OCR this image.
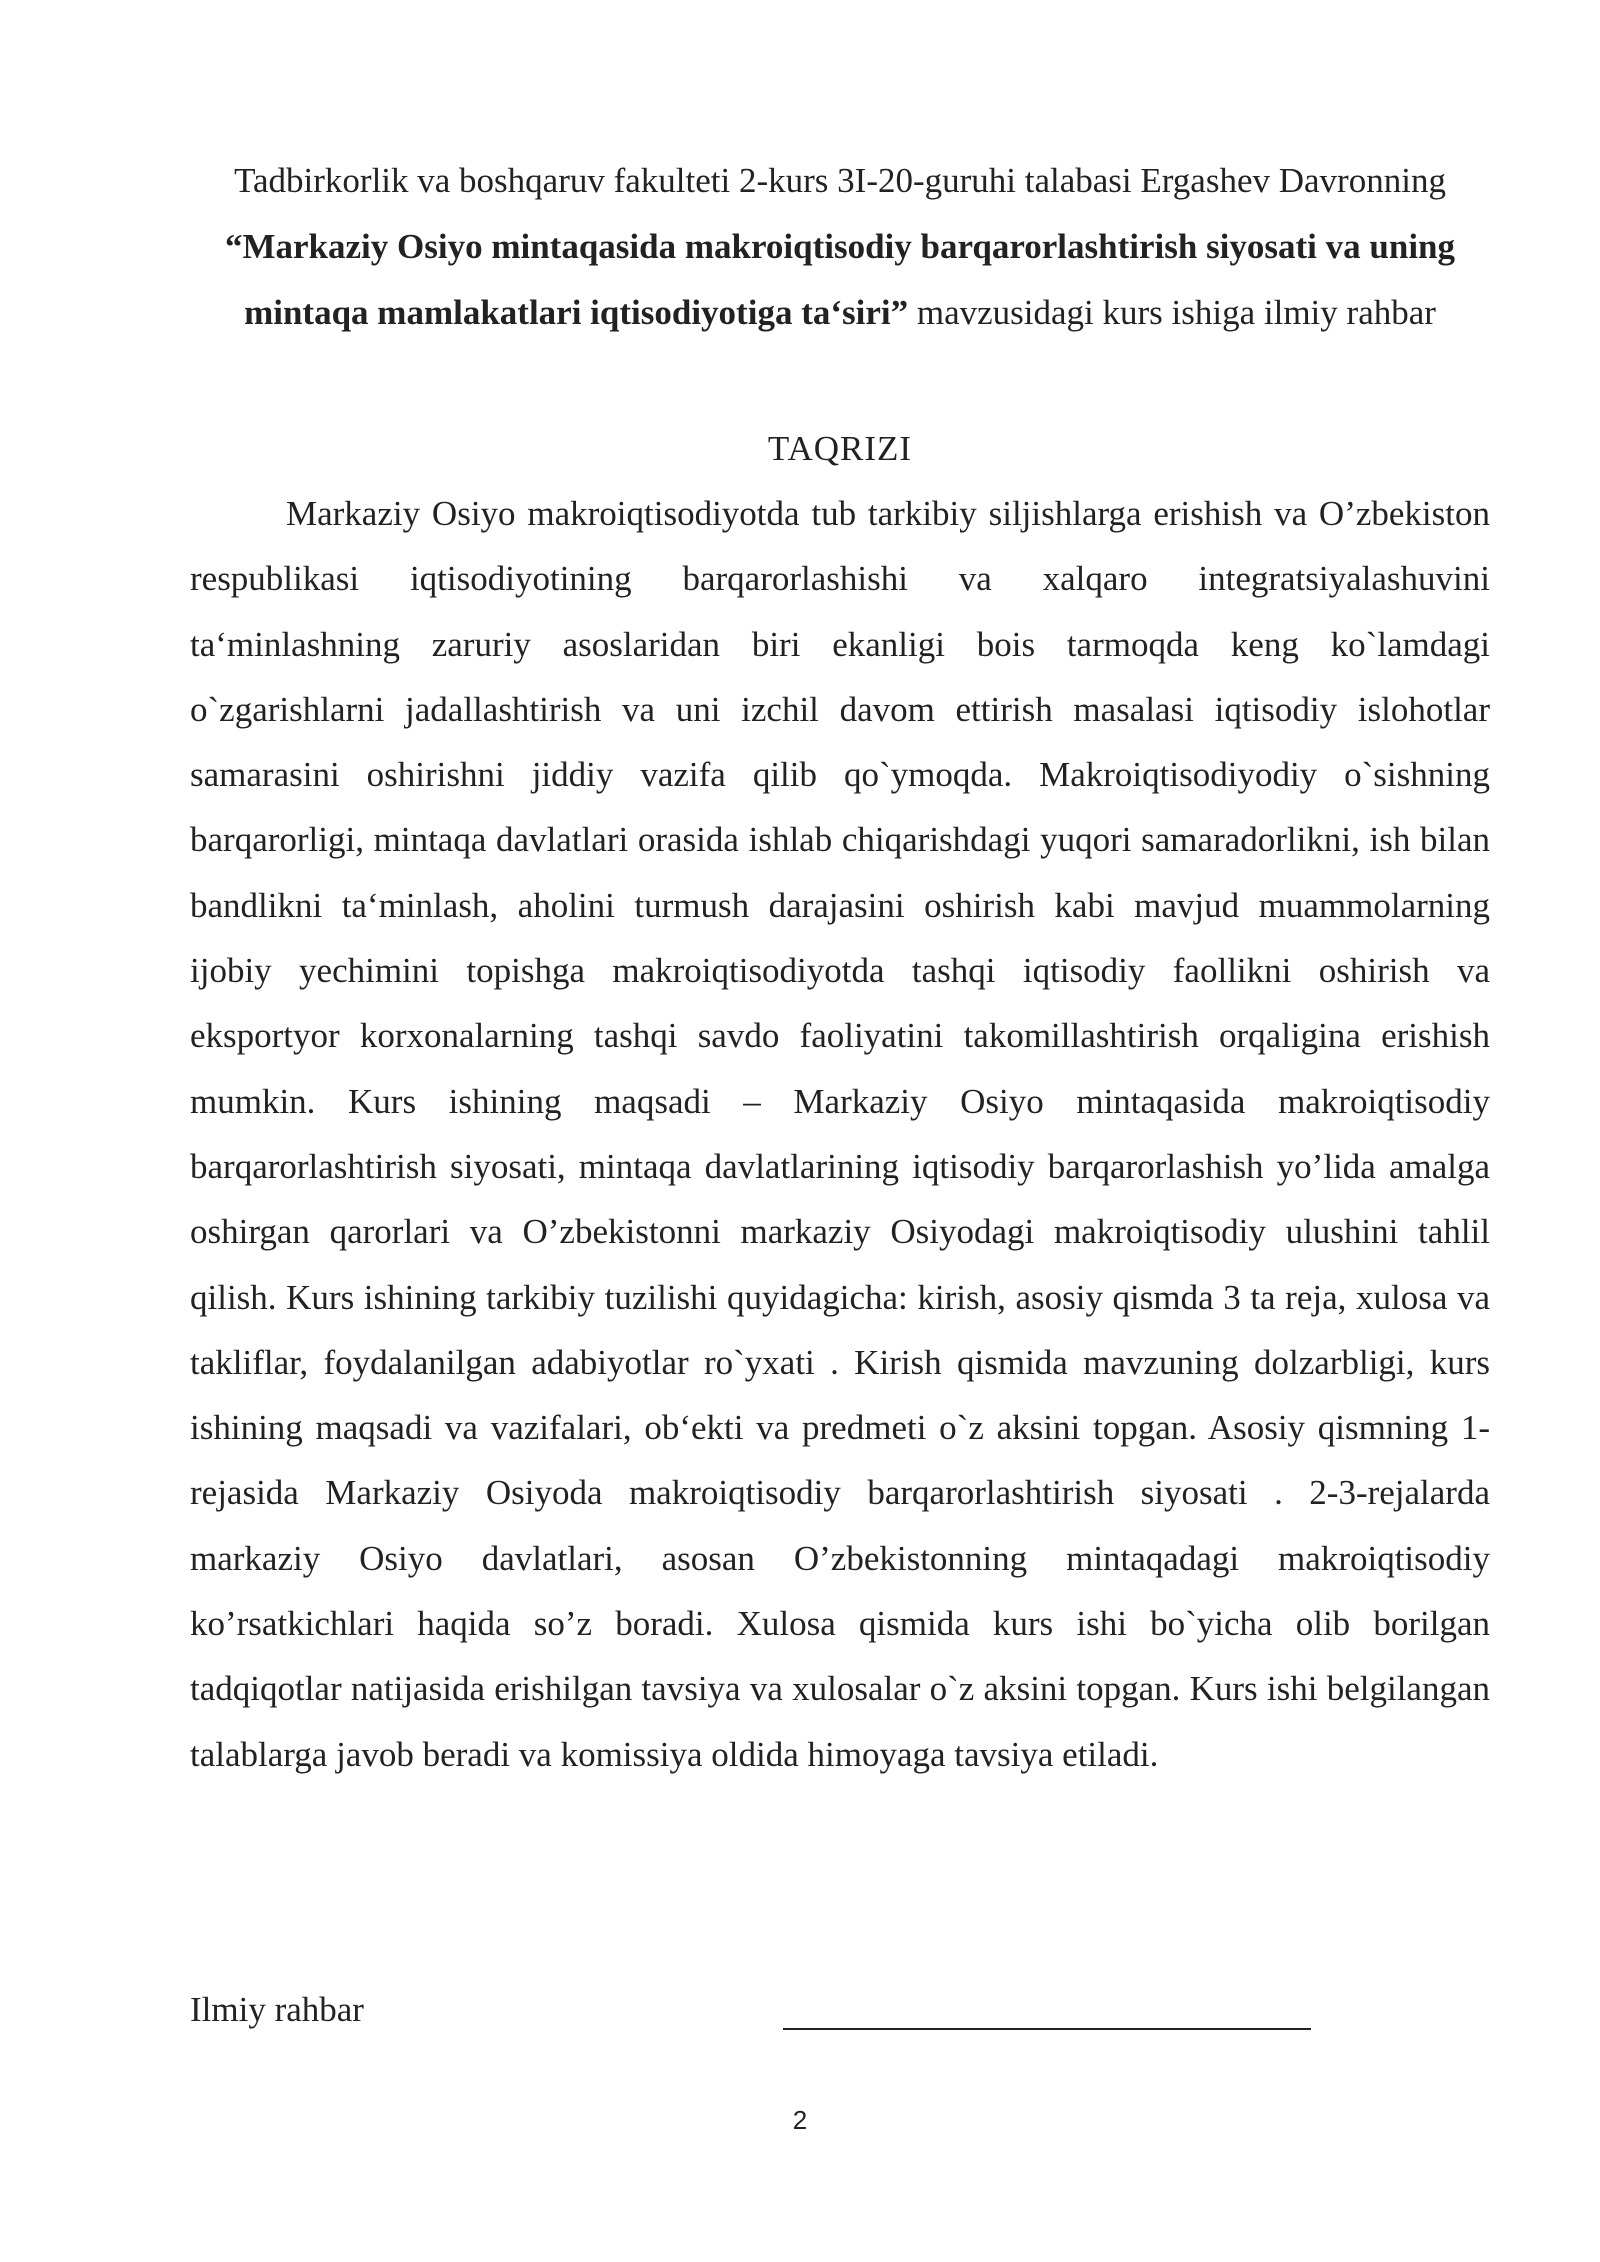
Tadbirkorlik va boshqaruv fakulteti 2-kurs 3I-20-guruhi talabasi Ergashev Davronning “Markaziy Osiyo mintaqasida makroiqtisodiy barqarorlashtirish siyosati va uning mintaqa mamlakatlari iqtisodiyotiga ta‘siri” mavzusidagi kurs ishiga ilmiy rahbar
TAQRIZI

Markaziy Osiyo makroiqtisodiyotda tub tarkibiy siljishlarga erishish va O’zbekiston respublikasi iqtisodiyotining barqarorlashishi va xalqaro integratsiyalashuvini ta‘minlashning zaruriy asoslaridan biri ekanligi bois tarmoqda keng ko`lamdagi o`zgarishlarni jadallashtirish va uni izchil davom ettirish masalasi iqtisodiy islohotlar samarasini oshirishni jiddiy vazifa qilib qo`ymoqda. Makroiqtisodiyodiy o`sishning barqarorligi, mintaqa davlatlari orasida ishlab chiqarishdagi yuqori samaradorlikni, ish bilan bandlikni ta‘minlash, aholini turmush darajasini oshirish kabi mavjud muammolarning ijobiy yechimini topishga makroiqtisodiyotda tashqi iqtisodiy faollikni oshirish va eksportyor korxonalarning tashqi savdo faoliyatini takomillashtirish orqaligina erishish mumkin. Kurs ishining maqsadi – Markaziy Osiyo mintaqasida makroiqtisodiy barqarorlashtirish siyosati, mintaqa davlatlarining iqtisodiy barqarorlashish yo’lida amalga oshirgan qarorlari va O’zbekistonni markaziy Osiyodagi makroiqtisodiy ulushini tahlil qilish. Kurs ishining tarkibiy tuzilishi quyidagicha: kirish, asosiy qismda 3 ta reja, xulosa va takliflar, foydalanilgan adabiyotlar ro`yxati . Kirish qismida mavzuning dolzarbligi, kurs ishining maqsadi va vazifalari, ob‘ekti va predmeti o`z aksini topgan. Asosiy qismning 1-rejasida Markaziy Osiyoda makroiqtisodiy barqarorlashtirish siyosati . 2-3-rejalarda markaziy Osiyo davlatlari, asosan O’zbekistonning mintaqadagi makroiqtisodiy ko’rsatkichlari haqida so’z boradi. Xulosa qismida kurs ishi bo`yicha olib borilgan tadqiqotlar natijasida erishilgan tavsiya va xulosalar o`z aksini topgan. Kurs ishi belgilangan talablarga javob beradi va komissiya oldida himoyaga tavsiya etiladi.

Ilmiy rahbar
2
